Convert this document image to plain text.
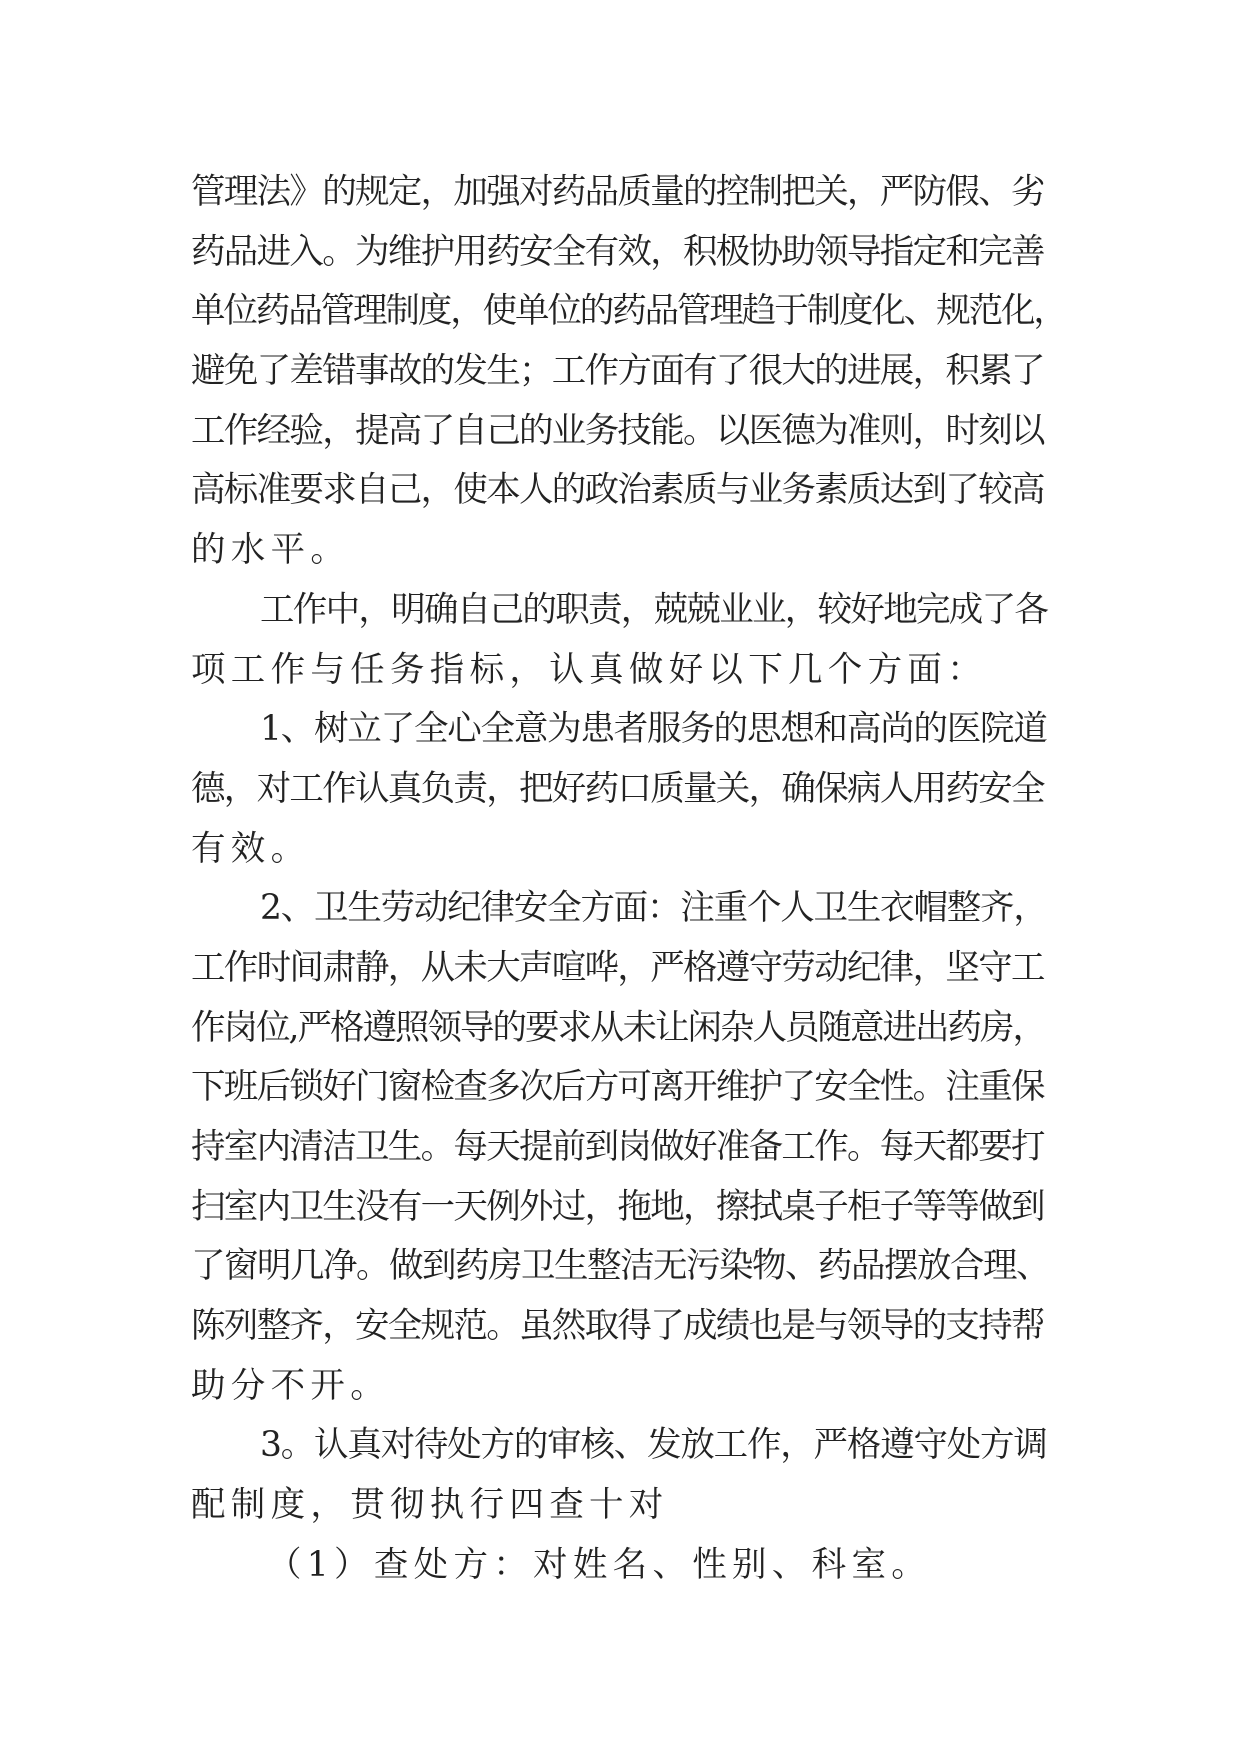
管理法》的规定，加强对药品质量的控制把关，严防假、劣
药品进入。为维护用药安全有效，积极协助领导指定和完善
单位药品管理制度，使单位的药品管理趋于制度化、规范化，
避免了差错事故的发生；工作方面有了很大的进展，积累了
工作经验，提高了自己的业务技能。以医德为准则，时刻以
高标准要求自己，使本人的政治素质与业务素质达到了较高
的水平。
工作中，明确自己的职责，兢兢业业，较好地完成了各
项工作与任务指标，认真做好以下几个方面：
1、树立了全心全意为患者服务的思想和高尚的医院道
德，对工作认真负责，把好药口质量关，确保病人用药安全
有效。
2、卫生劳动纪律安全方面：注重个人卫生衣帽整齐，
工作时间肃静，从未大声喧哗，严格遵守劳动纪律，坚守工
作岗位,严格遵照领导的要求从未让闲杂人员随意进出药房，
下班后锁好门窗检查多次后方可离开维护了安全性。注重保
持室内清洁卫生。每天提前到岗做好准备工作。每天都要打
扫室内卫生没有一天例外过，拖地，擦拭桌子柜子等等做到
了窗明几净。做到药房卫生整洁无污染物、药品摆放合理、
陈列整齐，安全规范。虽然取得了成绩也是与领导的支持帮
助分不开。
3。认真对待处方的审核、发放工作，严格遵守处方调
配制度，贯彻执行四查十对
（1）查处方：对姓名、性别、科室。
